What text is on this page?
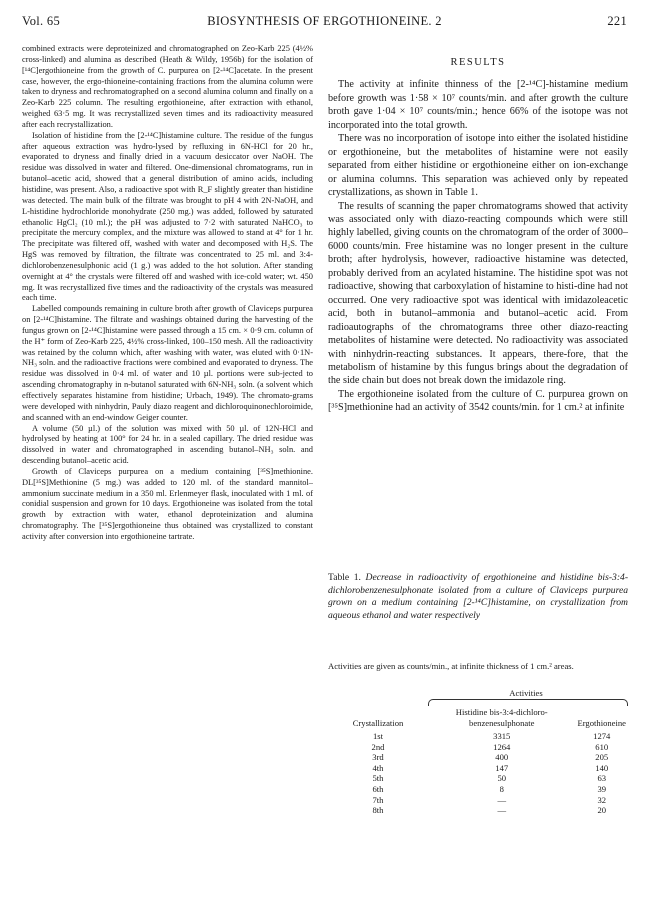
Vol. 65	BIOSYNTHESIS OF ERGOTHIONEINE. 2	221

combined extracts were deproteinized and chromatographed on Zeo-Karb 225 (4½% cross-linked) and alumina as described (Heath & Wildy, 1956b) for the isolation of [¹⁴C]ergothioneine from the growth of C. purpurea on [2-¹⁴C]acetate. In the present case, however, the ergo-thioneine-containing fractions from the alumina column were taken to dryness and rechromatographed on a second alumina column and finally on a Zeo-Karb 225 column. The resulting ergothioneine, after extraction with ethanol, weighed 63·5 mg. It was recrystallized seven times and its radioactivity measured after each recrystallization.

Isolation of histidine from the [2-¹⁴C]histamine culture. The residue of the fungus after aqueous extraction was hydro-lysed by refluxing in 6N-HCl for 20 hr., evaporated to dryness and finally dried in a vacuum desiccator over NaOH. The residue was dissolved in water and filtered. One-dimensional chromatograms, run in butanol–acetic acid, showed that a general distribution of amino acids, including histidine, was present. Also, a radioactive spot with R_F slightly greater than histidine was detected. The main bulk of the filtrate was brought to pH 4 with 2N-NaOH, and L-histidine hydrochloride monohydrate (250 mg.) was added, followed by saturated ethanolic HgCl₂ (10 ml.); the pH was adjusted to 7·2 with saturated NaHCO₃ to precipitate the mercury complex, and the mixture was allowed to stand at 4° for 1 hr. The precipitate was filtered off, washed with water and decomposed with H₂S. The HgS was removed by filtration, the filtrate was concentrated to 25 ml. and 3:4-dichlorobenzenesulphonic acid (1 g.) was added to the hot solution. After standing overnight at 4° the crystals were filtered off and washed with ice-cold water; wt. 450 mg. It was recrystallized five times and the radioactivity of the crystals was measured each time.

Labelled compounds remaining in culture broth after growth of Claviceps purpurea on [2-¹⁴C]histamine. The filtrate and washings obtained during the harvesting of the fungus grown on [2-¹⁴C]histamine were passed through a 15 cm. × 0·9 cm. column of the H⁺ form of Zeo-Karb 225, 4½% cross-linked, 100–150 mesh. All the radioactivity was retained by the column which, after washing with water, was eluted with 0·1N-NH₃ soln. and the radioactive fractions were combined and evaporated to dryness. The residue was dissolved in 0·4 ml. of water and 10 µl. portions were sub-jected to ascending chromatography in n-butanol saturated with 6N-NH₃ soln. (a solvent which effectively separates histamine from histidine; Urbach, 1949). The chromato-grams were developed with ninhydrin, Pauly diazo reagent and dichloroquinonechloroimide, and scanned with an end-window Geiger counter.

A volume (50 µl.) of the solution was mixed with 50 µl. of 12N-HCl and hydrolysed by heating at 100° for 24 hr. in a sealed capillary. The dried residue was dissolved in water and chromatographed in ascending butanol–NH₃ soln. and descending butanol–acetic acid.

Growth of Claviceps purpurea on a medium containing [³⁵S]methionine. DL[³⁵S]Methionine (5 mg.) was added to 120 ml. of the standard mannitol–ammonium succinate medium in a 350 ml. Erlenmeyer flask, inoculated with 1 ml. of conidial suspension and grown for 10 days. Ergothioneine was isolated from the total growth by extraction with water, ethanol deproteinization and alumina chromatography. The [³⁵S]ergothioneine thus obtained was crystallized to constant activity after conversion into ergothioneine tartrate.

RESULTS

The activity at infinite thinness of the [2-¹⁴C]-histamine medium before growth was 1·58 × 10⁷ counts/min. and after growth the culture broth gave 1·04 × 10⁷ counts/min.; hence 66% of the isotope was not incorporated into the total growth.

There was no incorporation of isotope into either the isolated histidine or ergothioneine, but the metabolites of histamine were not easily separated from either histidine or ergothioneine either on ion-exchange or alumina columns. This separation was achieved only by repeated crystallizations, as shown in Table 1.

The results of scanning the paper chromatograms showed that activity was associated only with diazo-reacting compounds which were still highly labelled, giving counts on the chromatogram of the order of 3000–6000 counts/min. Free histamine was no longer present in the culture broth; after hydrolysis, however, radioactive histamine was detected, probably derived from an acylated histamine. The histidine spot was not radioactive, showing that carboxylation of histamine to histi-dine had not occurred. One very radioactive spot was identical with imidazoleacetic acid, both in butanol–ammonia and butanol–acetic acid. From radioautographs of the chromatograms three other diazo-reacting metabolites of histamine were detected. No radioactivity was associated with ninhydrin-reacting substances. It appears, there-fore, that the metabolism of histamine by this fungus brings about the degradation of the side chain but does not break down the imidazole ring.

The ergothioneine isolated from the culture of C. purpurea grown on [³⁵S]methionine had an activity of 3542 counts/min. for 1 cm.² at infinite

Table 1. Decrease in radioactivity of ergothioneine and histidine bis-3:4-dichlorobenzenesulphonate isolated from a culture of Claviceps purpurea grown on a medium containing [2-¹⁴C]histamine, on crystallization from aqueous ethanol and water respectively
Activities are given as counts/min., at infinite thickness of 1 cm.² areas.
Activities
Crystallization	Histidine bis-3:4-dichloro-benzenesulphonate	Ergothioneine
1st	3315	1274
2nd	1264	610
3rd	400	205
4th	147	140
5th	50	63
6th	8	39
7th	—	32
8th	—	20
